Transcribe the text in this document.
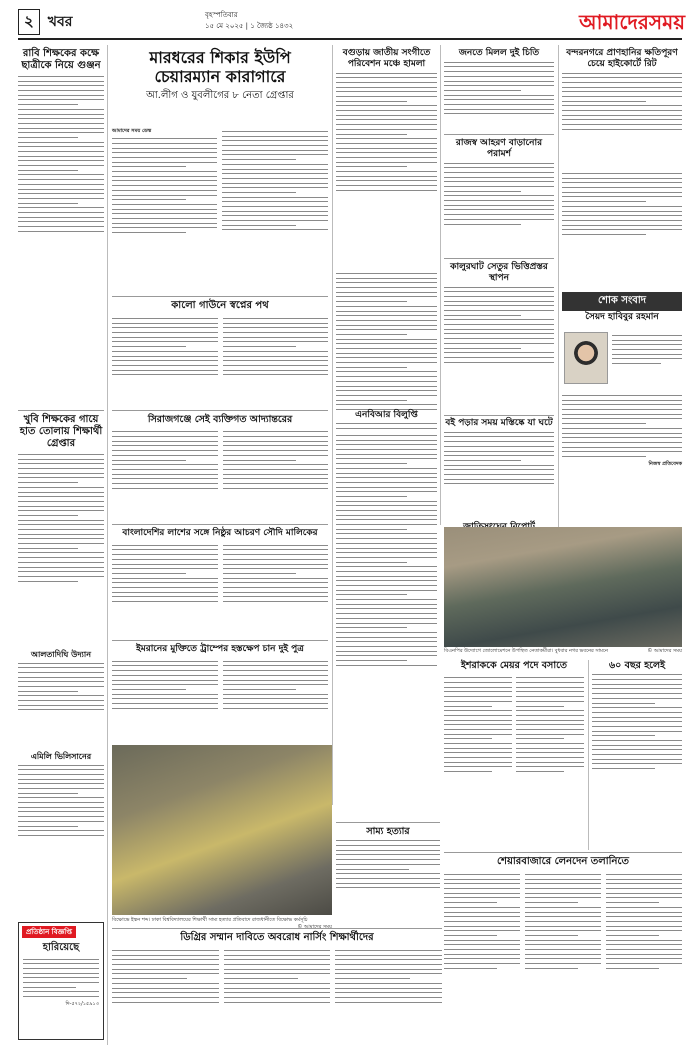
২	খবর	বৃহস্পতিবার
১৫ মে ২০২৫ | ১ জ্যৈষ্ঠ ১৪৩২	আমাদেরসময়
রাবি শিক্ষকের কক্ষে ছাত্রীকে নিয়ে গুঞ্জন
খুবি শিক্ষকের গায়ে হাত তোলায় শিক্ষার্থী গ্রেপ্তার
আলতাদিঘি উদ্যান
এমিলি ভিলিসানের
প্রতিষ্ঠান বিজ্ঞপ্তি
হারিয়েছে
দি-৫৭২/১৫৯১৩
মারধরের শিকার ইউপি
চেয়ারম্যান কারাগারে
আ.লীগ ও যুবলীগের ৮ নেতা গ্রেপ্তার
আমাদের সময় ডেস্ক
কালো গাউনে স্বপ্নের পথ
সিরাজগঞ্জে সেই ব্যক্তিগত আদ্যান্তরের
বাংলাদেশির লাশের সঙ্গে নিষ্ঠুর আচরণ সৌদি মালিকের
ইমরানের মুক্তিতে ট্রাম্পের হস্তক্ষেপ চান দুই পুত্র
বিক্ষোভে ইস্কন শব্দ। ঢাকা বিশ্ববিদ্যালয়ের শিক্ষার্থী সাম্য হত্যার প্রতিবাদে রাজধানীতে বিক্ষোভ কর্মসূচি
ডিগ্রির সম্মান দাবিতে অবরোধ নার্সিং শিক্ষার্থীদের
বগুড়ায় জাতীয় সংগীতে পরিবেশন মঞ্চে হামলা
এনবিআর বিলুপ্তি
জনতে মিলল দুই চিতি
রাজস্ব আহরণ বাড়ানোর পরামর্শ
কালুরঘাট সেতুর ভিত্তিপ্রস্তর স্থাপন
বই পড়ার সময় মস্তিষ্কে যা ঘটে
বন্দরনগরে প্রাণহানির ক্ষতিপূরণ চেয়ে হাইকোর্টে রিট
শোক সংবাদ
সৈয়দ হাবিবুর রহমান
নিজস্ব প্রতিবেদক
বিএনপির উদ্যোগে জোলোমেশনে উপস্থিত নেতাকর্মীরা। বুধবার নগর ভবনের সামনে	© আমাদের সময়
ইশরাককে মেয়র পদে বসাতে	৬০ বছর হলেই
সাম্য হত্যার
শেয়ারবাজারে লেনদেন তলানিতে
